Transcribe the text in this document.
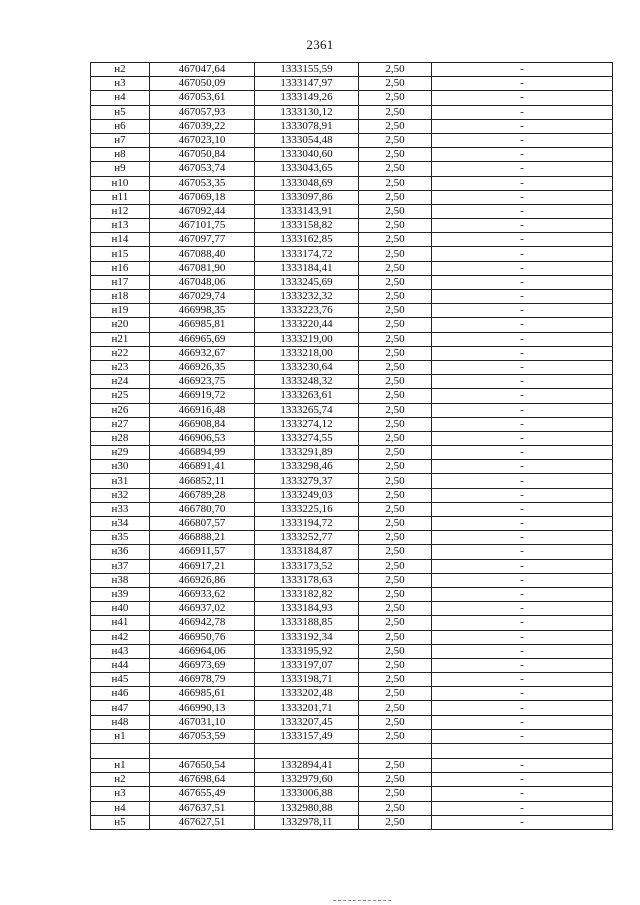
2361
н2	467047,64	1333155,59	2,50	-
н3	467050,09	1333147,97	2,50	-
н4	467053,61	1333149,26	2,50	-
н5	467057,93	1333130,12	2,50	-
н6	467039,22	1333078,91	2,50	-
н7	467023,10	1333054,48	2,50	-
н8	467050,84	1333040,60	2,50	-
н9	467053,74	1333043,65	2,50	-
н10	467053,35	1333048,69	2,50	-
н11	467069,18	1333097,86	2,50	-
н12	467092,44	1333143,91	2,50	-
н13	467101,75	1333158,82	2,50	-
н14	467097,77	1333162,85	2,50	-
н15	467088,40	1333174,72	2,50	-
н16	467081,90	1333184,41	2,50	-
н17	467048,06	1333245,69	2,50	-
н18	467029,74	1333232,32	2,50	-
н19	466998,35	1333223,76	2,50	-
н20	466985,81	1333220,44	2,50	-
н21	466965,69	1333219,00	2,50	-
н22	466932,67	1333218,00	2,50	-
н23	466926,35	1333230,64	2,50	-
н24	466923,75	1333248,32	2,50	-
н25	466919,72	1333263,61	2,50	-
н26	466916,48	1333265,74	2,50	-
н27	466908,84	1333274,12	2,50	-
н28	466906,53	1333274,55	2,50	-
н29	466894,99	1333291,89	2,50	-
н30	466891,41	1333298,46	2,50	-
н31	466852,11	1333279,37	2,50	-
н32	466789,28	1333249,03	2,50	-
н33	466780,70	1333225,16	2,50	-
н34	466807,57	1333194,72	2,50	-
н35	466888,21	1333252,77	2,50	-
н36	466911,57	1333184,87	2,50	-
н37	466917,21	1333173,52	2,50	-
н38	466926,86	1333178,63	2,50	-
н39	466933,62	1333182,82	2,50	-
н40	466937,02	1333184,93	2,50	-
н41	466942,78	1333188,85	2,50	-
н42	466950,76	1333192,34	2,50	-
н43	466964,06	1333195,92	2,50	-
н44	466973,69	1333197,07	2,50	-
н45	466978,79	1333198,71	2,50	-
н46	466985,61	1333202,48	2,50	-
н47	466990,13	1333201,71	2,50	-
н48	467031,10	1333207,45	2,50	-
н1	467053,59	1333157,49	2,50	-

н1	467650,54	1332894,41	2,50	-
н2	467698,64	1332979,60	2,50	-
н3	467655,49	1333006,88	2,50	-
н4	467637,51	1332980,88	2,50	-
н5	467627,51	1332978,11	2,50	-
